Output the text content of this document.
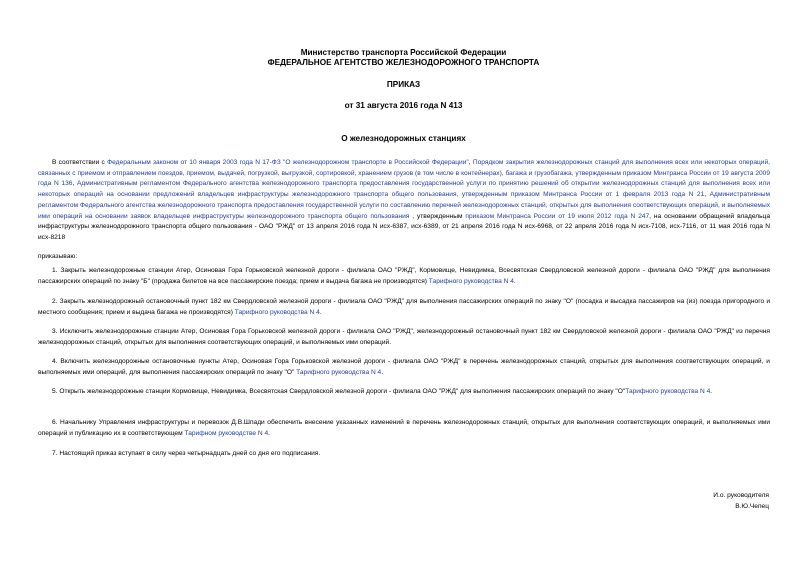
Министерство транспорта Российской Федерации
ФЕДЕРАЛЬНОЕ АГЕНТСТВО ЖЕЛЕЗНОДОРОЖНОГО ТРАНСПОРТА
ПРИКАЗ
от 31 августа 2016 года N 413
О железнодорожных станциях
В соответствии с Федеральным законом от 10 января 2003 года N 17-ФЗ "О железнодорожном транспорте в Российской Федерации", Порядком закрытия железнодорожных станций для выполнения всех или некоторых операций, связанных с приемом и отправлением поездов, приемом, выдачей, погрузкой, выгрузкой, сортировкой, хранением грузов (в том числе в контейнерах), багажа и грузобагажа, утвержденным приказом Минтранса России от 19 августа 2009 года N 136, Административным регламентом Федерального агентства железнодорожного транспорта предоставления государственной услуги по принятию решений об открытии железнодорожных станций для выполнения всех или некоторых операций на основании предложений владельцев инфраструктуры железнодорожного транспорта общего пользования, утвержденным приказом Минтранса России от 1 февраля 2013 года N 21, Административным регламентом Федерального агентства железнодорожного транспорта предоставления государственной услуги по составлению перечней железнодорожных станций, открытых для выполнения соответствующих операций, и выполняемых ими операций на основании заявок владельцев инфраструктуры железнодорожного транспорта общего пользования , утвержденным приказом Минтранса России от 19 июля 2012 года N 247, на основании обращений владельца инфраструктуры железнодорожного транспорта общего пользования - ОАО "РЖД" от 13 апреля 2016 года N исх-6387, исх-6389, от 21 апреля 2016 года N исх-6968, от 22 апреля 2016 года N исх-7108, исх-7116, от 11 мая 2016 года N исх-8218
приказываю:
1. Закрыть железнодорожные станции Атер, Осиновая Гора Горьковской железной дороги - филиала ОАО "РЖД", Кормовище, Невидимка, Всесвятская Свердловской железной дороги - филиала ОАО "РЖД" для выполнения пассажирских операций по знаку "Б" (продажа билетов на все пассажирские поезда; прием и выдача багажа не производятся) Тарифного руководства N 4.
2. Закрыть железнодорожный остановочный пункт 182 км Свердловской железной дороги - филиала ОАО "РЖД" для выполнения пассажирских операций по знаку "О" (посадка и высадка пассажиров на (из) поезда пригородного и местного сообщения; прием и выдача багажа не производятся) Тарифного руководства N 4.
3. Исключить железнодорожные станции Атер, Осиновая Гора Горьковской железной дороги - филиала ОАО "РЖД", железнодорожный остановочный пункт 182 км Свердловской железной дороги - филиала ОАО "РЖД" из перечня железнодорожных станций, открытых для выполнения соответствующих операций, и выполняемых ими операций.
4. Включить железнодорожные остановочные пункты Атер, Осиновая Гора Горьковской железной дороги - филиала ОАО "РЖД" в перечень железнодорожных станций, открытых для выполнения соответствующих операций, и выполняемых ими операций, для выполнения пассажирских операций по знаку "О" Тарифного руководства N 4.
5. Открыть железнодорожные станции Кормовище, Невидимка, Всесвятская Свердловской железной дороги - филиала ОАО "РЖД" для выполнения пассажирских операций по знаку "О"Тарифного руководства N 4.
6. Начальнику Управления инфраструктуры и перевозок Д.В.Шпади обеспечить внесение указанных изменений в перечень железнодорожных станций, открытых для выполнения соответствующих операций, и выполняемых ими операций и публикацию их в соответствующем Тарифном руководстве N 4.
7. Настоящий приказ вступает в силу через четырнадцать дней со дня его подписания.
И.о. руководителя
В.Ю.Чепец
